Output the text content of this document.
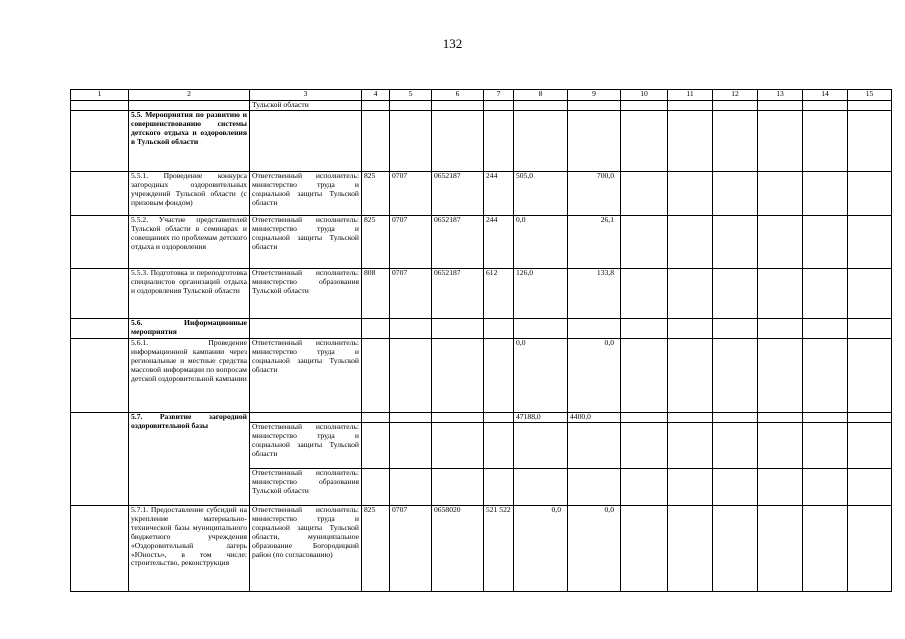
132
1	2	3	4	5	6	7	8	9	10	11	12	13	14	15
		Тульской области												
	5.5. Мероприятия по развитию и совершенствованию системы детского отдыха и оздоровления в Тульской области													
	5.5.1. Проведение конкурса загородных оздоровительных учреждений Тульской области (с призовым фондом)	Ответственный исполнитель: министерство труда и социальной защиты Тульской области	825	0707	0652187	244	505,0	700,0						
	5.5.2. Участие представителей Тульской области в семинарах и совещаниях по проблемам детского отдыха и оздоровления	Ответственный исполнитель: министерство труда и социальной защиты Тульской области	825	0707	0652187	244	0,0	26,1						
	5.5.3. Подготовка и переподготовка специалистов организаций отдыха и оздоровления Тульской области	Ответственный исполнитель: министерство образования Тульской области	808	0707	0652187	612	126,0	133,8						
	5.6. Информационные мероприятия													
	5.6.1. Проведение информационной кампании через региональные и местные средства массовой информации по вопросам детской оздоровительной кампании	Ответственный исполнитель: министерство труда и социальной защиты Тульской области					0,0	0,0						
	5.7. Развитие загородной оздоровительной базы						47188,0	4400,0						
		Ответственный исполнитель: министерство труда и социальной защиты Тульской области												
		Ответственный исполнитель: министерство образования Тульской области												
	5.7.1. Предоставление субсидий на укрепление материально-технической базы муниципального бюджетного учреждения «Оздоровительный лагерь «Юность», в том числе: строительство, реконструкция	Ответственный исполнитель: министерство труда и социальной защиты Тульской области, муниципальное образование Богородицкий район (по согласованию)	825	0707	0658020	521 522	0,0	0,0						
